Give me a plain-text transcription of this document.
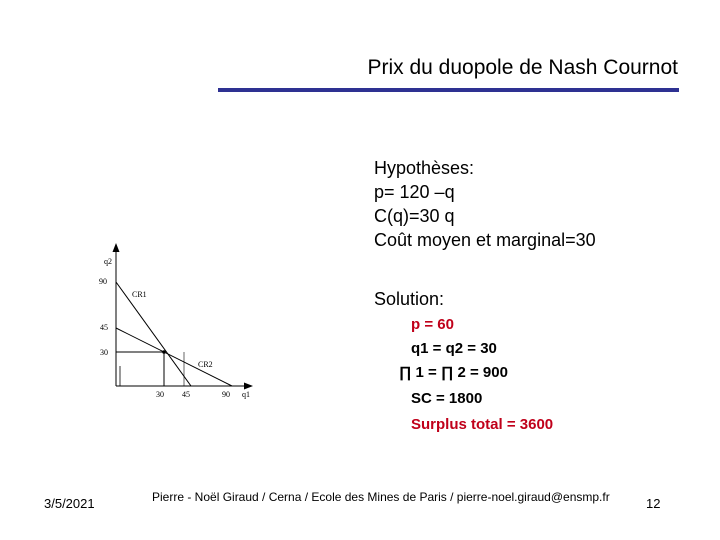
Prix du duopole de Nash Cournot
q2
q1
90
45
30
30 45	90
CR1
CR2
Hypothèses:
p= 120 –q
C(q)=30 q
Coût moyen et marginal=30
Solution:
p = 60
q1 = q2 = 30
∏ 1 = ∏ 2 = 900
SC = 1800
Surplus total = 3600
3/5/2021	Pierre - Noël Giraud / Cerna / Ecole des Mines de Paris / pierre-noel.giraud@ensmp.fr	12
